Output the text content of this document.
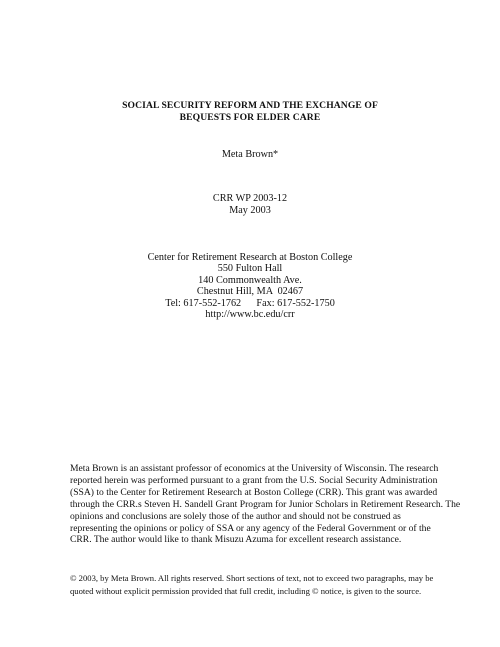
SOCIAL SECURITY REFORM AND THE EXCHANGE OF
BEQUESTS FOR ELDER CARE
Meta Brown*
CRR WP 2003-12
May 2003
Center for Retirement Research at Boston College
550 Fulton Hall
140 Commonwealth Ave.
Chestnut Hill, MA  02467
Tel: 617-552-1762      Fax: 617-552-1750
http://www.bc.edu/crr
Meta Brown is an assistant professor of economics at the University of Wisconsin. The research
reported herein was performed pursuant to a grant from the U.S. Social Security Administration
(SSA) to the Center for Retirement Research at Boston College (CRR). This grant was awarded
through the CRR.s Steven H. Sandell Grant Program for Junior Scholars in Retirement Research. The
opinions and conclusions are solely those of the author and should not be construed as
representing the opinions or policy of SSA or any agency of the Federal Government or of the
CRR. The author would like to thank Misuzu Azuma for excellent research assistance.
© 2003, by Meta Brown. All rights reserved. Short sections of text, not to exceed two paragraphs, may be
quoted without explicit permission provided that full credit, including © notice, is given to the source.
